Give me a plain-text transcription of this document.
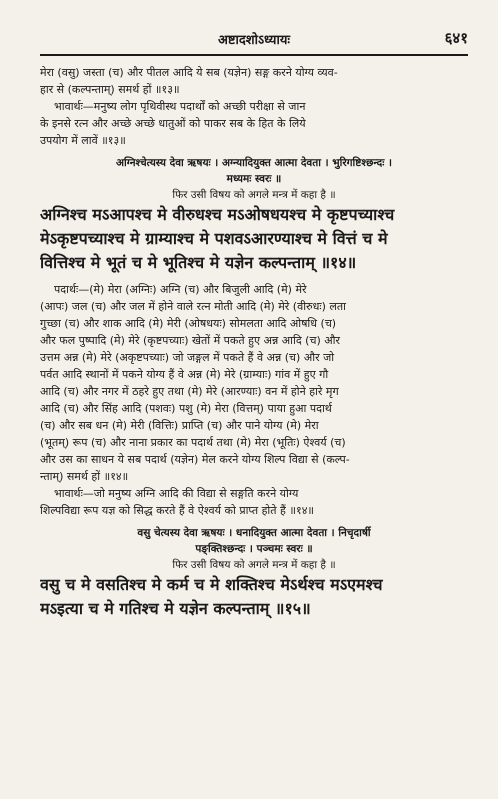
अष्टादशोऽध्यायः	६४१
मेरा (वसु) जस्ता (च) और पीतल आदि ये सब (यज्ञेन) सङ्ग करने योग्य व्यव-
हार से (कल्पन्ताम्) समर्थ हों ॥१३॥
भावार्थः—मनुष्य लोग पृथिवीस्थ पदार्थों को अच्छी परीक्षा से जान
के इनसे रत्न और अच्छे अच्छे धातुओं को पाकर सब के हित के लिये
उपयोग में लावें ॥१३॥
अग्निश्चेत्यस्य देवा ऋषयः । अग्न्यादियुक्त आत्मा देवता । भुरिगष्टिश्छन्दः ।
मध्यमः स्वरः ॥
फिर उसी विषय को अगले मन्त्र में कहा है ॥
अग्निश्च मऽआपश्च मे वीरुधश्च मऽओषधयश्च मे कृष्टपच्याश्च
मेऽकृष्टपच्याश्च मे ग्राम्याश्च मे पशवऽआरण्याश्च मे वित्तं च मे
वित्तिश्च मे भूतं च मे भूतिश्च मे यज्ञेन कल्पन्ताम् ॥१४॥
पदार्थः—(मे) मेरा (अग्निः) अग्नि (च) और बिजुली आदि (मे) मेरे
(आपः) जल (च) और जल में होने वाले रत्न मोती आदि (मे) मेरे (वीरुधः) लता
गुच्छा (च) और शाक आदि (मे) मेरी (ओषधयः) सोमलता आदि ओषधि (च)
और फल पुष्पादि (मे) मेरे (कृष्टपच्याः) खेतों में पकते हुए अन्न आदि (च) और
उत्तम अन्न (मे) मेरे (अकृष्टपच्याः) जो जङ्गल में पकते हैं वे अन्न (च) और जो
पर्वत आदि स्थानों में पकने योग्य हैं वे अन्न (मे) मेरे (ग्राम्याः) गांव में हुए गौ
आदि (च) और नगर में ठहरे हुए तथा (मे) मेरे (आरण्याः) वन में होने हारे मृग
आदि (च) और सिंह आदि (पशवः) पशु (मे) मेरा (वित्तम्) पाया हुआ पदार्थ
(च) और सब धन (मे) मेरी (वित्तिः) प्राप्ति (च) और पाने योग्य (मे) मेरा
(भूतम्) रूप (च) और नाना प्रकार का पदार्थ तथा (मे) मेरा (भूतिः) ऐश्वर्य (च)
और उस का साधन ये सब पदार्थ (यज्ञेन) मेल करने योग्य शिल्प विद्या से (कल्प-
न्ताम्) समर्थ हों ॥१४॥
भावार्थः—जो मनुष्य अग्नि आदि की विद्या से सङ्गति करने योग्य
शिल्पविद्या रूप यज्ञ को सिद्ध करते हैं वे ऐश्वर्य को प्राप्त होते हैं ॥१४॥
वसु चेत्यस्य देवा ऋषयः । धनादियुक्त आत्मा देवता । निचृदार्षी
पङ्क्तिश्छन्दः । पञ्चमः स्वरः ॥
फिर उसी विषय को अगले मन्त्र में कहा है ॥
वसु च मे वसतिश्च मे कर्म च मे शक्तिश्च मेऽर्थश्च मऽएमश्च
मऽइत्या च मे गतिश्च मे यज्ञेन कल्पन्ताम् ॥१५॥
